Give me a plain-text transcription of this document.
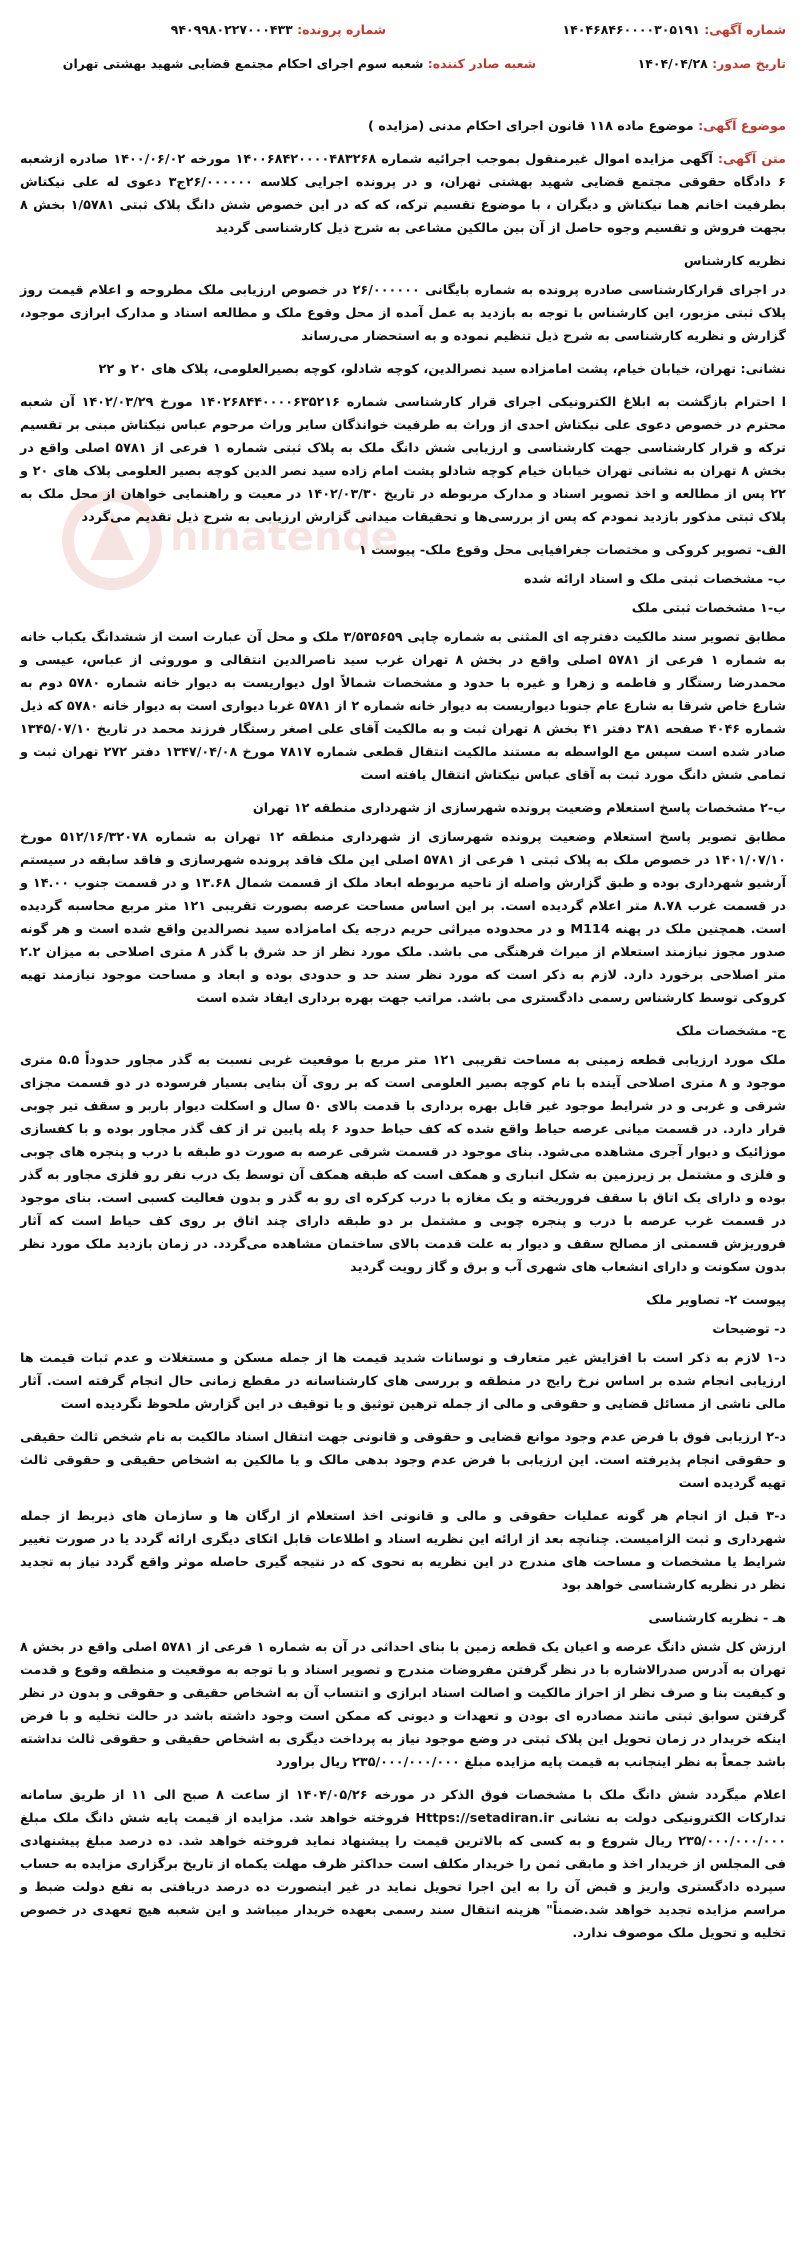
hinatende
شماره آگهی: ۱۴۰۴۶۸۴۶۰۰۰۰۳۰۵۱۹۱
شماره پرونده: ۹۴۰۹۹۸۰۲۲۷۰۰۰۴۳۳
تاریخ صدور: ۱۴۰۴/۰۴/۲۸
شعبه صادر کننده: شعبه سوم اجرای احکام مجتمع قضایی شهید بهشتی تهران

موضوع آگهی: موضوع ماده ۱۱۸ قانون اجرای احکام مدنی (مزایده )

متن آگهی: آگهی مزایده اموال غیرمنقول بموجب اجرائیه شماره ۱۴۰۰۶۸۴۲۰۰۰۰۴۸۳۲۶۸ مورخه ۱۴۰۰/۰۶/۰۲ صادره ازشعبه ۶ دادگاه حقوقی مجتمع قضایی شهید بهشتی تهران، و در پرونده اجرایی کلاسه ۲۶/۰۰۰۰۰۰ج۳ دعوی له علی نیکتاش بطرفیت اخانم هما نیکتاش و دیگران ، با موضوع تقسیم ترکه، که که در این خصوص شش دانگ پلاک ثبتی ۱/۵۷۸۱ بخش ۸ بجهت فروش و تقسیم وجوه حاصل از آن بین مالکین مشاعی به شرح ذیل کارشناسی گردید

نظریه کارشناس

در اجرای قرارکارشناسی صادره پرونده به شماره بایگانی ۲۶/۰۰۰۰۰۰ در خصوص ارزیابی ملک مطروحه و اعلام قیمت روز پلاک ثبتی مزبور، این کارشناس با توجه به بازدید به عمل آمده از محل وقوع ملک و مطالعه اسناد و مدارک ابرازی موجود، گزارش و نظریه کارشناسی به شرح ذیل تنظیم نموده و به استحضار می‌رساند

نشانی: تهران، خیابان خیام، پشت امامزاده سید نصرالدین، کوچه شادلو، کوچه بصیرالعلومی، پلاک های ۲۰ و ۲۲

ا احترام بازگشت به ابلاغ الکترونیکی اجرای قرار کارشناسی شماره ۱۴۰۲۶۸۴۴۰۰۰۰۶۳۵۲۱۶ مورخ ۱۴۰۲/۰۳/۲۹ آن شعبه محترم در خصوص دعوی علی نیکتاش احدی از وراث به طرفیت خوانذگان سایر وراث مرحوم عباس نیکتاش مبنی بر تقسیم ترکه و قرار کارشناسی جهت کارشناسی و ارزیابی شش دانگ ملک به پلاک ثبتی شماره ۱ فرعی از ۵۷۸۱ اصلی واقع در بخش ۸ تهران به نشانی تهران خیابان خیام کوچه شادلو پشت امام زاده سید نصر الدین کوچه بصیر العلومی پلاک های ۲۰ و ۲۲ پس از مطالعه و اخذ تصویر اسناد و مدارک مربوطه در تاریخ ۱۴۰۲/۰۳/۳۰ در معیت و راهنمایی خواهان از محل ملک به پلاک ثبتی مذکور بازدید نمودم که پس از بررسی‌ها و تحقیقات میدانی گزارش ارزیابی به شرح ذیل تقدیم می‌گردد

الف- تصویر کروکی و مختصات جغرافیایی محل وقوع ملک- پیوست ۱

ب- مشخصات ثبتی ملک و اسناد ارائه شده

ب-۱ مشخصات ثبتی ملک

مطابق تصویر سند مالکیت دفترچه ای المثنی به شماره چاپی ۳/۵۳۵۶۵۹ ملک و محل آن عبارت است از ششدانگ یکباب خانه به شماره ۱ فرعی از ۵۷۸۱ اصلی واقع در بخش ۸ تهران غرب سید ناصرالدین انتقالی و موروثی از عباس، عیسی و محمدرضا رستگار و فاطمه و زهرا و غیره با حدود و مشخصات شمالاً اول دیواریست به دیوار خانه شماره ۵۷۸۰ دوم به شارع خاص شرقا به شارع عام جنوبا دیواریست به دیوار خانه شماره ۲ از ۵۷۸۱ غربا دیواری است به دیوار خانه ۵۷۸۰ که ذیل شماره ۴۰۴۶ صفحه ۳۸۱ دفتر ۴۱ بخش ۸ تهران ثبت و به مالکیت آقای علی اصغر رستگار فرزند محمد در تاریخ ۱۳۴۵/۰۷/۱۰ صادر شده است سپس مع الواسطه به مستند مالکیت انتقال قطعی شماره ۷۸۱۷ مورخ ۱۳۴۷/۰۴/۰۸ دفتر ۲۷۲ تهران ثبت و تمامی شش دانگ مورد ثبت به آقای عباس نیکتاش انتقال یافته است

ب-۲ مشخصات پاسخ استعلام وضعیت پرونده شهرسازی از شهرداری منطقه ۱۲ تهران

مطابق تصویر پاسخ استعلام وضعیت پرونده شهرسازی از شهرداری منطقه ۱۲ تهران به شماره ۵۱۲/۱۶/۳۲۰۷۸ مورخ ۱۴۰۱/۰۷/۱۰ در خصوص ملک به پلاک ثبتی ۱ فرعی از ۵۷۸۱ اصلی این ملک فاقد پرونده شهرسازی و فاقد سابقه در سیستم آرشیو شهرداری بوده و طبق گزارش واصله از ناحیه مربوطه ابعاد ملک از قسمت شمال ۱۳.۶۸ و در قسمت جنوب ۱۴.۰۰ و در قسمت غرب ۸.۷۸ متر اعلام گردیده است. بر این اساس مساحت عرصه بصورت تقریبی ۱۲۱ متر مربع محاسبه گردیده است. همچنین ملک در پهنه M114 و در محدوده میراثی حریم درجه یک امامزاده سید نصرالدین واقع شده است و هر گونه صدور مجوز نیازمند استعلام از میراث فرهنگی می باشد. ملک مورد نظر از حد شرق با گذر ۸ متری اصلاحی به میزان ۲.۲ متر اصلاحی برخورد دارد. لازم به ذکر است که مورد نظر سند حد و حدودی بوده و ابعاد و مساحت موجود نیازمند تهیه کروکی توسط کارشناس رسمی دادگستری می باشد. مراتب جهت بهره برداری ایفاد شده است

ج- مشخصات ملک

ملک مورد ارزیابی قطعه زمینی به مساحت تقریبی ۱۲۱ متر مربع با موقعیت غربی نسبت به گذر مجاور حدوداً ۵.۵ متری موجود و ۸ متری اصلاحی آینده با نام کوچه بصیر العلومی است که بر روی آن بنایی بسیار فرسوده در دو قسمت مجزای شرقی و غربی و در شرایط موجود غیر قابل بهره برداری با قدمت بالای ۵۰ سال و اسکلت دیوار باربر و سقف تیر چوبی قرار دارد. در قسمت میانی عرصه حیاط واقع شده که کف حیاط حدود ۶ پله پایین تر از کف گذر مجاور بوده و با کفسازی موزائیک و دیوار آجری مشاهده می‌شود. بنای موجود در قسمت شرقی عرصه به صورت دو طبقه با درب و پنجره های چوبی و فلزی و مشتمل بر زیرزمین به شکل انباری و همکف است که طبقه همکف آن توسط یک درب نفر رو فلزی مجاور به گذر بوده و دارای یک اتاق با سقف فروریخته و یک مغازه با درب کرکره ای رو به گذر و بدون فعالیت کسبی است. بنای موجود در قسمت غرب عرصه با درب و پنجره چوبی و مشتمل بر دو طبقه دارای چند اتاق بر روی کف حیاط است که آثار فروریزش قسمتی از مصالح سقف و دیوار به علت قدمت بالای ساختمان مشاهده می‌گردد. در زمان بازدید ملک مورد نظر بدون سکونت و دارای انشعاب های شهری آب و برق و گاز رویت گردید

پیوست ۲- تصاویر ملک

د- توضیحات

د-۱ لازم به ذکر است با افزایش غیر متعارف و نوسانات شدید قیمت ها از جمله مسکن و مستغلات و عدم ثبات قیمت ها ارزیابی انجام شده بر اساس نرخ رایج در منطقه و بررسی های کارشناسانه در مقطع زمانی حال انجام گرفته است. آثار مالی ناشی از مسائل قضایی و حقوقی و مالی از جمله ترهین توثیق و یا توقیف در این گزارش ملحوظ نگردیده است

د-۲ ارزیابی فوق با فرض عدم وجود موانع قضایی و حقوقی و قانونی جهت انتقال اسناد مالکیت به نام شخص ثالث حقیقی و حقوقی انجام پذیرفته است. این ارزیابی با فرض عدم وجود بدهی مالک و یا مالکین به اشخاص حقیقی و حقوقی ثالث تهیه گردیده است

د-۳ قبل از انجام هر گونه عملیات حقوقی و مالی و قانونی اخذ استعلام از ارگان ها و سازمان های ذیربط از جمله شهرداری و ثبت الزامیست. چنانچه بعد از ارائه این نظریه اسناد و اطلاعات قابل اتکای دیگری ارائه گردد یا در صورت تغییر شرایط یا مشخصات و مساحت های مندرج در این نظریه به نحوی که در نتیجه گیری حاصله موثر واقع گردد نیاز به تجدید نظر در نظریه کارشناسی خواهد بود

هـ - نظریه کارشناسی

ارزش کل شش دانگ عرصه و اعیان یک قطعه زمین با بنای احداثی در آن به شماره ۱ فرعی از ۵۷۸۱ اصلی واقع در بخش ۸ تهران به آدرس صدرالاشاره با در نظر گرفتن مفروضات مندرج و تصویر اسناد و با توجه به موقعیت و منطقه وقوع و قدمت و کیفیت بنا و صرف نظر از احراز مالکیت و اصالت اسناد ابرازی و انتساب آن به اشخاص حقیقی و حقوقی و بدون در نظر گرفتن سوابق ثبتی مانند مصادره ای بودن و تعهدات و دیونی که ممکن است وجود داشته باشد در حالت تخلیه و با فرض اینکه خریدار در زمان تحویل این پلاک ثبتی در وضع موجود نیاز به پرداخت دیگری به اشخاص حقیقی و حقوقی ثالث نداشته باشد جمعاً به نظر اینجانب به قیمت پایه مزایده مبلغ ۲۳۵/۰۰۰/۰۰۰/۰۰۰ ریال براورد

اعلام میگردد شش دانگ ملک با مشخصات فوق الذکر در مورخه ۱۴۰۴/۰۵/۲۶ از ساعت ۸ صبح الی ۱۱ از طریق سامانه تدارکات الکترونیکی دولت به نشانی Https://setadiran.ir فروخته خواهد شد. مزایده از قیمت پایه شش دانگ ملک مبلغ ۲۳۵/۰۰۰/۰۰۰/۰۰۰ ریال شروع و به کسی که بالاترین قیمت را پیشنهاد نماید فروخته خواهد شد. ده درصد مبلغ پیشنهادی فی المجلس از خریدار اخذ و مابقی ثمن را خریدار مکلف است حداکثر ظرف مهلت یکماه از تاریخ برگزاری مزایده به حساب سپرده دادگستری واریز و قبض آن را به این اجرا تحویل نماید در غیر اینصورت ده درصد دریافتی به نفع دولت ضبط و مراسم مزایده تجدید خواهد شد.ضمناً" هزینه انتقال سند رسمی بعهده خریدار میباشد و این شعبه هیچ تعهدی در خصوص تخلیه و تحویل ملک موصوف ندارد.
